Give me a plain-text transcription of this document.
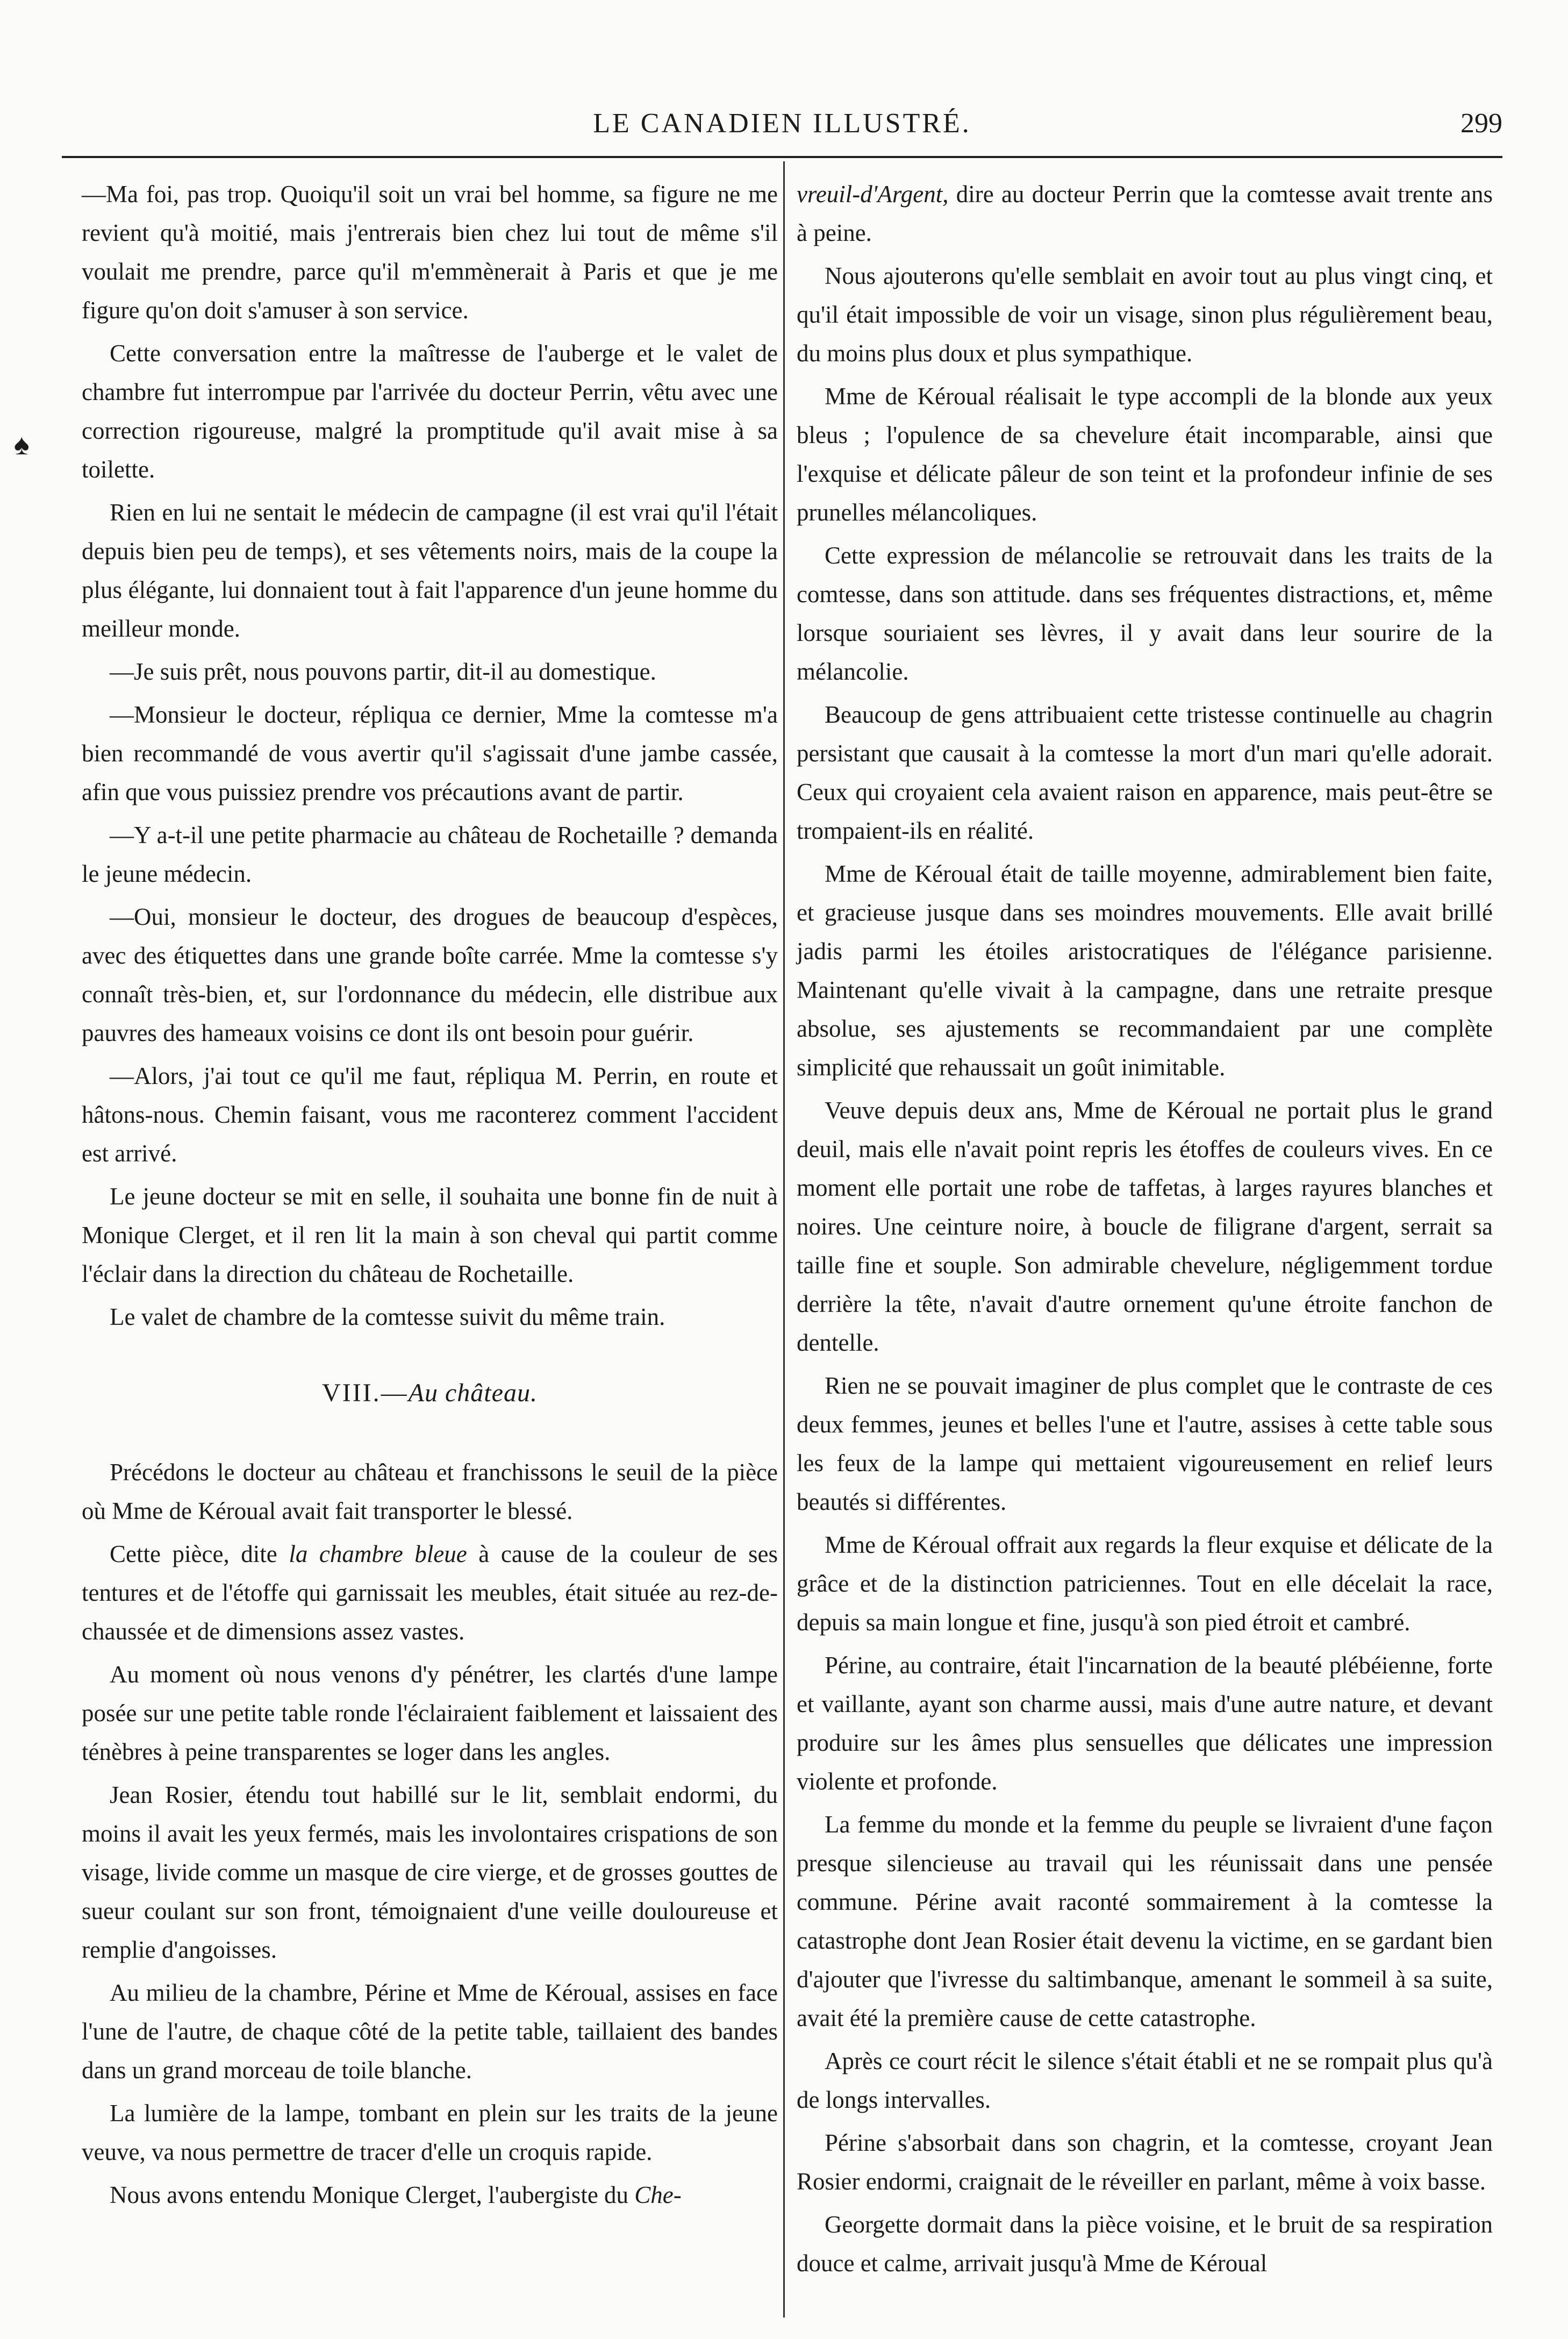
LE CANADIEN ILLUSTRÉ.	299
♠

—Ma foi, pas trop. Quoiqu'il soit un vrai bel homme, sa figure ne me revient qu'à moitié, mais j'entrerais bien chez lui tout de même s'il voulait me prendre, parce qu'il m'emmènerait à Paris et que je me figure qu'on doit s'amuser à son service.

Cette conversation entre la maîtresse de l'auberge et le valet de chambre fut interrompue par l'arrivée du docteur Perrin, vêtu avec une correction rigoureuse, malgré la promptitude qu'il avait mise à sa toilette.

Rien en lui ne sentait le médecin de campagne (il est vrai qu'il l'était depuis bien peu de temps), et ses vêtements noirs, mais de la coupe la plus élégante, lui donnaient tout à fait l'apparence d'un jeune homme du meilleur monde.

—Je suis prêt, nous pouvons partir, dit-il au domestique.

—Monsieur le docteur, répliqua ce dernier, Mme la comtesse m'a bien recommandé de vous avertir qu'il s'agissait d'une jambe cassée, afin que vous puissiez prendre vos précautions avant de partir.

—Y a-t-il une petite pharmacie au château de Rochetaille ? demanda le jeune médecin.

—Oui, monsieur le docteur, des drogues de beaucoup d'espèces, avec des étiquettes dans une grande boîte carrée. Mme la comtesse s'y connaît très-bien, et, sur l'ordonnance du médecin, elle distribue aux pauvres des hameaux voisins ce dont ils ont besoin pour guérir.

—Alors, j'ai tout ce qu'il me faut, répliqua M. Perrin, en route et hâtons-nous. Chemin faisant, vous me raconterez comment l'accident est arrivé.

Le jeune docteur se mit en selle, il souhaita une bonne fin de nuit à Monique Clerget, et il ren lit la main à son cheval qui partit comme l'éclair dans la direction du château de Rochetaille.

Le valet de chambre de la comtesse suivit du même train.

VIII.—Au château.

Précédons le docteur au château et franchissons le seuil de la pièce où Mme de Kéroual avait fait transporter le blessé.

Cette pièce, dite la chambre bleue à cause de la couleur de ses tentures et de l'étoffe qui garnissait les meubles, était située au rez-de-chaussée et de dimensions assez vastes.

Au moment où nous venons d'y pénétrer, les clartés d'une lampe posée sur une petite table ronde l'éclairaient faiblement et laissaient des ténèbres à peine transparentes se loger dans les angles.

Jean Rosier, étendu tout habillé sur le lit, semblait endormi, du moins il avait les yeux fermés, mais les involontaires crispations de son visage, livide comme un masque de cire vierge, et de grosses gouttes de sueur coulant sur son front, témoignaient d'une veille douloureuse et remplie d'angoisses.

Au milieu de la chambre, Périne et Mme de Kéroual, assises en face l'une de l'autre, de chaque côté de la petite table, taillaient des bandes dans un grand morceau de toile blanche.

La lumière de la lampe, tombant en plein sur les traits de la jeune veuve, va nous permettre de tracer d'elle un croquis rapide.

Nous avons entendu Monique Clerget, l'aubergiste du Che-

vreuil-d'Argent, dire au docteur Perrin que la comtesse avait trente ans à peine.

Nous ajouterons qu'elle semblait en avoir tout au plus vingt cinq, et qu'il était impossible de voir un visage, sinon plus régulièrement beau, du moins plus doux et plus sympathique.

Mme de Kéroual réalisait le type accompli de la blonde aux yeux bleus ; l'opulence de sa chevelure était incomparable, ainsi que l'exquise et délicate pâleur de son teint et la profondeur infinie de ses prunelles mélancoliques.

Cette expression de mélancolie se retrouvait dans les traits de la comtesse, dans son attitude. dans ses fréquentes distractions, et, même lorsque souriaient ses lèvres, il y avait dans leur sourire de la mélancolie.

Beaucoup de gens attribuaient cette tristesse continuelle au chagrin persistant que causait à la comtesse la mort d'un mari qu'elle adorait. Ceux qui croyaient cela avaient raison en apparence, mais peut-être se trompaient-ils en réalité.

Mme de Kéroual était de taille moyenne, admirablement bien faite, et gracieuse jusque dans ses moindres mouvements. Elle avait brillé jadis parmi les étoiles aristocratiques de l'élégance parisienne. Maintenant qu'elle vivait à la campagne, dans une retraite presque absolue, ses ajustements se recommandaient par une complète simplicité que rehaussait un goût inimitable.

Veuve depuis deux ans, Mme de Kéroual ne portait plus le grand deuil, mais elle n'avait point repris les étoffes de couleurs vives. En ce moment elle portait une robe de taffetas, à larges rayures blanches et noires. Une ceinture noire, à boucle de filigrane d'argent, serrait sa taille fine et souple. Son admirable chevelure, négligemment tordue derrière la tête, n'avait d'autre ornement qu'une étroite fanchon de dentelle.

Rien ne se pouvait imaginer de plus complet que le contraste de ces deux femmes, jeunes et belles l'une et l'autre, assises à cette table sous les feux de la lampe qui mettaient vigoureusement en relief leurs beautés si différentes.

Mme de Kéroual offrait aux regards la fleur exquise et délicate de la grâce et de la distinction patriciennes. Tout en elle décelait la race, depuis sa main longue et fine, jusqu'à son pied étroit et cambré.

Périne, au contraire, était l'incarnation de la beauté plébéienne, forte et vaillante, ayant son charme aussi, mais d'une autre nature, et devant produire sur les âmes plus sensuelles que délicates une impression violente et profonde.

La femme du monde et la femme du peuple se livraient d'une façon presque silencieuse au travail qui les réunissait dans une pensée commune. Périne avait raconté sommairement à la comtesse la catastrophe dont Jean Rosier était devenu la victime, en se gardant bien d'ajouter que l'ivresse du saltimbanque, amenant le sommeil à sa suite, avait été la première cause de cette catastrophe.

Après ce court récit le silence s'était établi et ne se rompait plus qu'à de longs intervalles.

Périne s'absorbait dans son chagrin, et la comtesse, croyant Jean Rosier endormi, craignait de le réveiller en parlant, même à voix basse.

Georgette dormait dans la pièce voisine, et le bruit de sa respiration douce et calme, arrivait jusqu'à Mme de Kéroual
